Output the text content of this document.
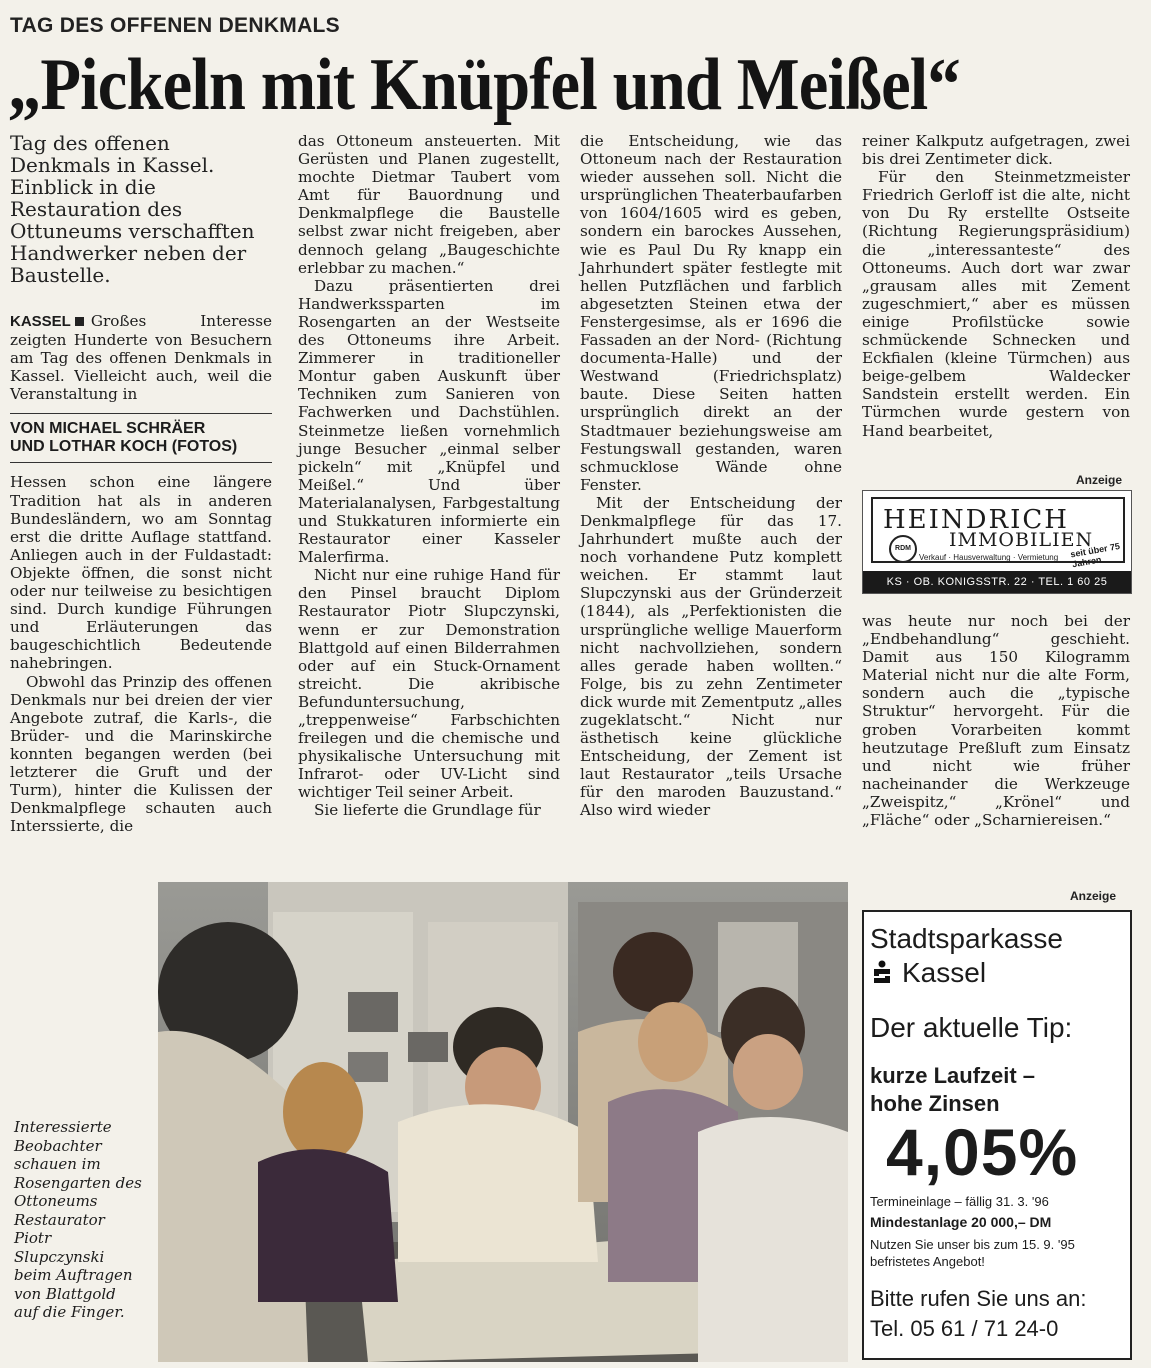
TAG DES OFFENEN DENKMALS
„Pickeln mit Knüpfel und Meißel“
Tag des offenen Denkmals in Kassel. Einblick in die Restauration des Ottuneums verschafften Handwerker neben der Baustelle.

KASSEL Großes Interesse zeigten Hunderte von Besuchern am Tag des offenen Denkmals in Kassel. Vielleicht auch, weil die Veranstaltung in

VON MICHAEL SCHRÄER
UND LOTHAR KOCH (FOTOS)

Hessen schon eine längere Tradition hat als in anderen Bundesländern, wo am Sonntag erst die dritte Auflage stattfand. Anliegen auch in der Fuldastadt: Objekte öffnen, die sonst nicht oder nur teilweise zu besichtigen sind. Durch kundige Führungen und Erläuterungen das baugeschichtlich Bedeutende nahebringen.

Obwohl das Prinzip des offenen Denkmals nur bei dreien der vier Angebote zutraf, die Karls-, die Brüder- und die Marinskirche konnten begangen werden (bei letzterer die Gruft und der Turm), hinter die Kulissen der Denkmalpflege schauten auch Interssierte, die

das Ottoneum ansteuerten. Mit Gerüsten und Planen zugestellt, mochte Dietmar Taubert vom Amt für Bauordnung und Denkmalpflege die Baustelle selbst zwar nicht freigeben, aber dennoch gelang „Baugeschichte erlebbar zu machen.“

Dazu präsentierten drei Handwerkssparten im Rosengarten an der Westseite des Ottoneums ihre Arbeit. Zimmerer in traditioneller Montur gaben Auskunft über Techniken zum Sanieren von Fachwerken und Dachstühlen. Steinmetze ließen vornehmlich junge Besucher „einmal selber pickeln“ mit „Knüpfel und Meißel.“ Und über Materialanalysen, Farbgestaltung und Stukkaturen informierte ein Restaurator einer Kasseler Malerfirma.

Nicht nur eine ruhige Hand für den Pinsel braucht Diplom Restaurator Piotr Slupczynski, wenn er zur Demonstration Blattgold auf einen Bilderrahmen oder auf ein Stuck-Ornament streicht. Die akribische Befunduntersuchung, „treppenweise“ Farbschichten freilegen und die chemische und physikalische Untersuchung mit Infrarot- oder UV-Licht sind wichtiger Teil seiner Arbeit.

Sie lieferte die Grundlage für

die Entscheidung, wie das Ottoneum nach der Restauration wieder aussehen soll. Nicht die ursprünglichen Theaterbaufarben von 1604/1605 wird es geben, sondern ein barockes Aussehen, wie es Paul Du Ry knapp ein Jahrhundert später festlegte mit hellen Putzflächen und farblich abgesetzten Steinen etwa der Fenstergesimse, als er 1696 die Fassaden an der Nord- (Richtung documenta-Halle) und der Westwand (Friedrichsplatz) baute. Diese Seiten hatten ursprünglich direkt an der Stadtmauer beziehungsweise am Festungswall gestanden, waren schmucklose Wände ohne Fenster.

Mit der Entscheidung der Denkmalpflege für das 17. Jahrhundert mußte auch der noch vorhandene Putz komplett weichen. Er stammt laut Slupczynski aus der Gründerzeit (1844), als „Perfektionisten die ursprüngliche wellige Mauerform nicht nachvollziehen, sondern alles gerade haben wollten.“ Folge, bis zu zehn Zentimeter dick wurde mit Zementputz „alles zugeklatscht.“ Nicht nur ästhetisch keine glückliche Entscheidung, der Zement ist laut Restaurator „teils Ursache für den maroden Bauzustand.“ Also wird wieder

reiner Kalkputz aufgetragen, zwei bis drei Zentimeter dick.

Für den Steinmetzmeister Friedrich Gerloff ist die alte, nicht von Du Ry erstellte Ostseite (Richtung Regierungspräsidium) die „interessanteste“ des Ottoneums. Auch dort war zwar „grausam alles mit Zement zugeschmiert,“ aber es müssen einige Profilstücke sowie schmückende Schnecken und Eckfialen (kleine Türmchen) aus beige-gelbem Waldecker Sandstein erstellt werden. Ein Türmchen wurde gestern von Hand bearbeitet,

Anzeige
HEINDRICH
IMMOBILIEN
RDM
Verkauf · Hausverwaltung · Vermietung seit über 75 Jahren
KS · OB. KONIGSSTR. 22 · TEL. 1 60 25

was heute nur noch bei der „Endbehandlung“ geschieht. Damit aus 150 Kilogramm Material nicht nur die alte Form, sondern auch die „typische Struktur“ hervorgeht. Für die groben Vorarbeiten kommt heutzutage Preßluft zum Einsatz und nicht wie früher nacheinander die Werkzeuge „Zweispitz,“ „Krönel“ und „Fläche“ oder „Scharniereisen.“

Interessierte Beobachter schauen im Rosengarten des Ottoneums Restaurator Piotr Slupczynski beim Auftragen von Blattgold auf die Finger.
Anzeige
Stadtsparkasse
Kassel
Der aktuelle Tip:
kurze Laufzeit –
hohe Zinsen
4,05%
Termineinlage – fällig 31. 3. '96
Mindestanlage 20 000,– DM
Nutzen Sie unser bis zum 15. 9. '95 befristetes Angebot!
Bitte rufen Sie uns an:
Tel. 05 61 / 71 24-0
